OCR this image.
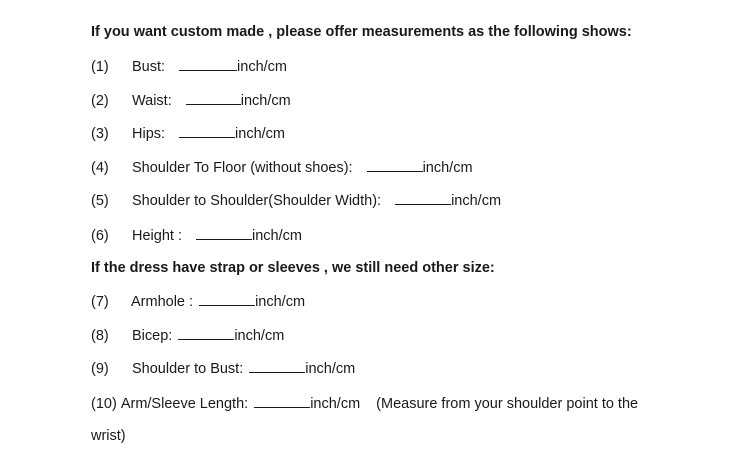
If you want custom made , please offer measurements as the following shows:
(1) Bust:	inch/cm
(2) Waist:	inch/cm
(3) Hips:	inch/cm
(4) Shoulder To Floor (without shoes):	inch/cm
(5) Shoulder to Shoulder(Shoulder Width):	inch/cm
(6) Height :	inch/cm
If the dress have strap or sleeves , we still need other size:
(7) Armhole :	inch/cm
(8) Bicep:	inch/cm
(9) Shoulder to Bust:	inch/cm
(10) Arm/Sleeve Length:	inch/cm (Measure from your shoulder point to the
wrist)
